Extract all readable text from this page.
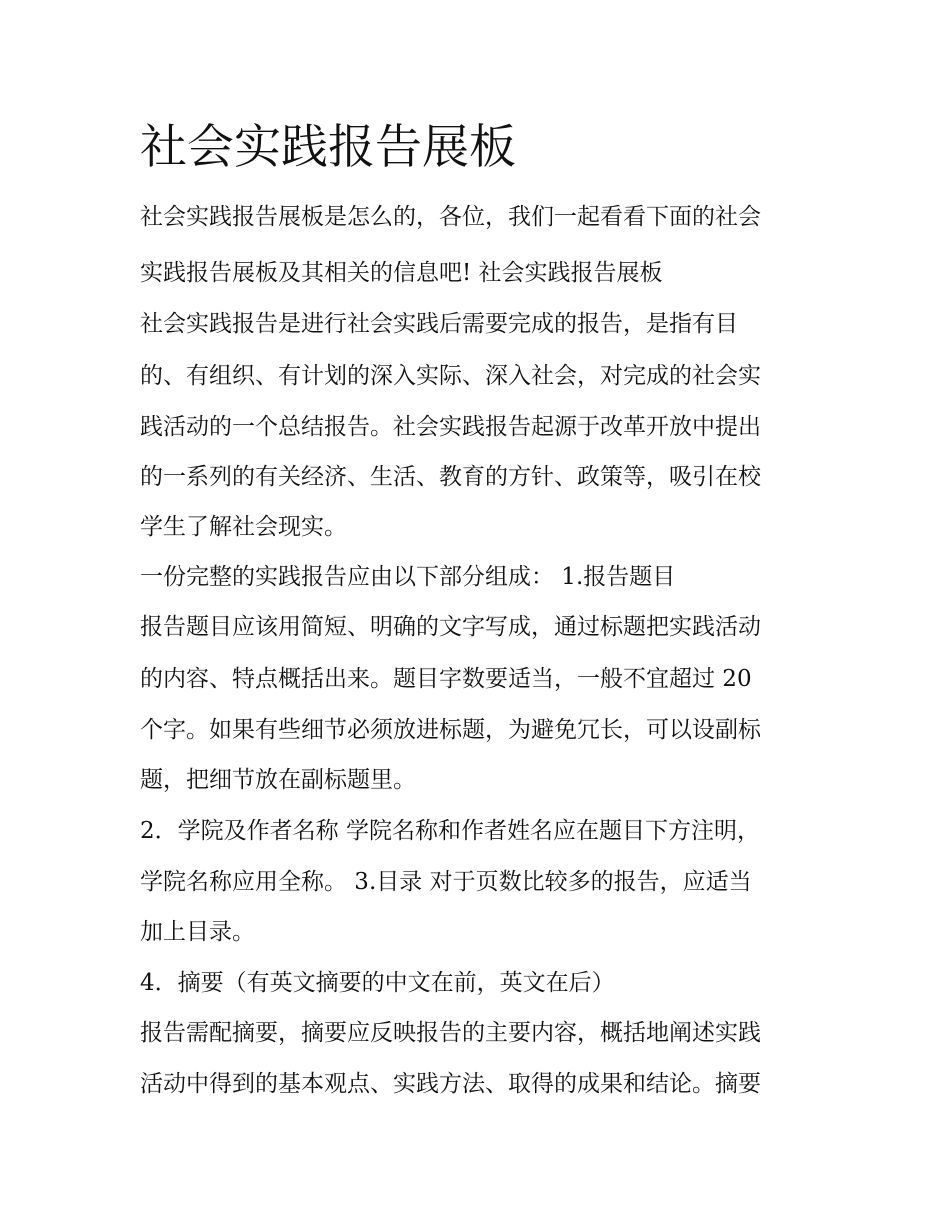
社会实践报告展板

社会实践报告展板是怎么的，各位，我们一起看看下面的社会

实践报告展板及其相关的信息吧! 社会实践报告展板

社会实践报告是进行社会实践后需要完成的报告，是指有目

的、有组织、有计划的深入实际、深入社会，对完成的社会实

践活动的一个总结报告。社会实践报告起源于改革开放中提出

的一系列的有关经济、生活、教育的方针、政策等，吸引在校

学生了解社会现实。

一份完整的实践报告应由以下部分组成： 1.报告题目

报告题目应该用简短、明确的文字写成，通过标题把实践活动

的内容、特点概括出来。题目字数要适当，一般不宜超过 20

个字。如果有些细节必须放进标题，为避免冗长，可以设副标

题，把细节放在副标题里。

2．学院及作者名称 学院名称和作者姓名应在题目下方注明，

学院名称应用全称。 3.目录 对于页数比较多的报告，应适当

加上目录。

4．摘要（有英文摘要的中文在前，英文在后）

报告需配摘要，摘要应反映报告的主要内容，概括地阐述实践

活动中得到的基本观点、实践方法、取得的成果和结论。摘要
